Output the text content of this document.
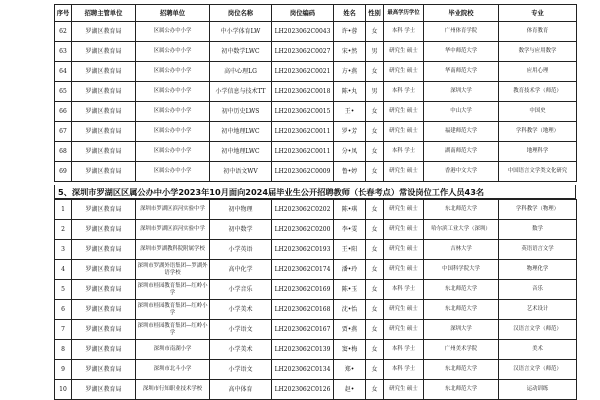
序号	招聘主管单位	招聘单位	岗位名称	岗位编码	姓名	性别	最高学历学位	毕业院校	专业
62	罗湖区教育局	区属公办中小学	中小学体育LW	LH2023062C0043	许•蓉	女	本科 学士	广州体育学院	体育教育
63	罗湖区教育局	区属公办中小学	初中数学LWC	LH2023062C0027	宋•然	男	研究生 硕士	华中师范大学	数学与应用数学
64	罗湖区教育局	区属公办中小学	高中心理LG	LH2023062C0021	方•燕	女	研究生 硕士	华南师范大学	应用心理
65	罗湖区教育局	区属公办中小学	小学信息与技术TT	LH2023062C0018	陈•丸	男	本科 学士	深圳大学	教育技术学（师范）
66	罗湖区教育局	区属公办中小学	初中历史LWS	LH2023062C0015	王•	女	研究生 硕士	中山大学	中国史
67	罗湖区教育局	区属公办中小学	初中地理LWC	LH2023062C0011	罗•芳	女	研究生 硕士	福建师范大学	学科教学（地理）
68	罗湖区教育局	区属公办中小学	初中地理LWC	LH2023062C0011	分•凤	女	本科 学士	湖南师范大学	地理科学
69	罗湖区教育局	区属公办中小学	初中语文WV	LH2023062C0009	鲁•婷	女	研究生 硕士	香港中文大学	中国语言文学类文化研究
5、深圳市罗湖区区属公办中小学2023年10月面向2024届毕业生公开招聘教师（长春考点）常设岗位工作人员43名
1	罗湖区教育局	深圳市罗湖区滨河实验中学	初中物理	LH2023062C0202	陈•琪	女	研究生 硕士	东北师范大学	学科教学（物理）
2	罗湖区教育局	深圳市罗湖区滨河实验中学	初中数学	LH2023062C0200	李•雯	女	研究生 硕士	哈尔滨工业大学（深圳）	数学
3	罗湖区教育局	深圳市罗湖教科院附属学校	小学英语	LH2023062C0193	王•阳	女	研究生 硕士	吉林大学	英语语言文学
4	罗湖区教育局	深圳市罗湖外语集团—罗湖外语学校	高中化学	LH2023062C0174	潘•玲	女	研究生 硕士	中国科学院大学	物理化学
5	罗湖区教育局	深圳市桂园教育集团—红岭小学	小学音乐	LH2023062C0169	陈•玉	女	本科 学士	东北师范大学	音乐
6	罗湖区教育局	深圳市桂园教育集团—红岭小学	小学美术	LH2023062C0168	沈•怡	女	研究生 硕士	东北师范大学	艺术设计
7	罗湖区教育局	深圳市桂园教育集团—红岭小学	小学语文	LH2023062C0167	贾•燕	女	研究生 硕士	深圳大学	汉语言文学（师范）
8	罗湖区教育局	深圳市南湖小学	小学美术	LH2023062C0139	窦•梅	女	本科 学士	广州美术学院	美术
9	罗湖区教育局	深圳市北斗小学	小学语文	LH2023062C0134	郑•	女	本科 学士	东北师范大学	汉语言文学（师范）
10	罗湖区教育局	深圳市行知职业技术学校	高中体育	LH2023062C0126	赵•	女	研究生 硕士	东北师范大学	运动训练
